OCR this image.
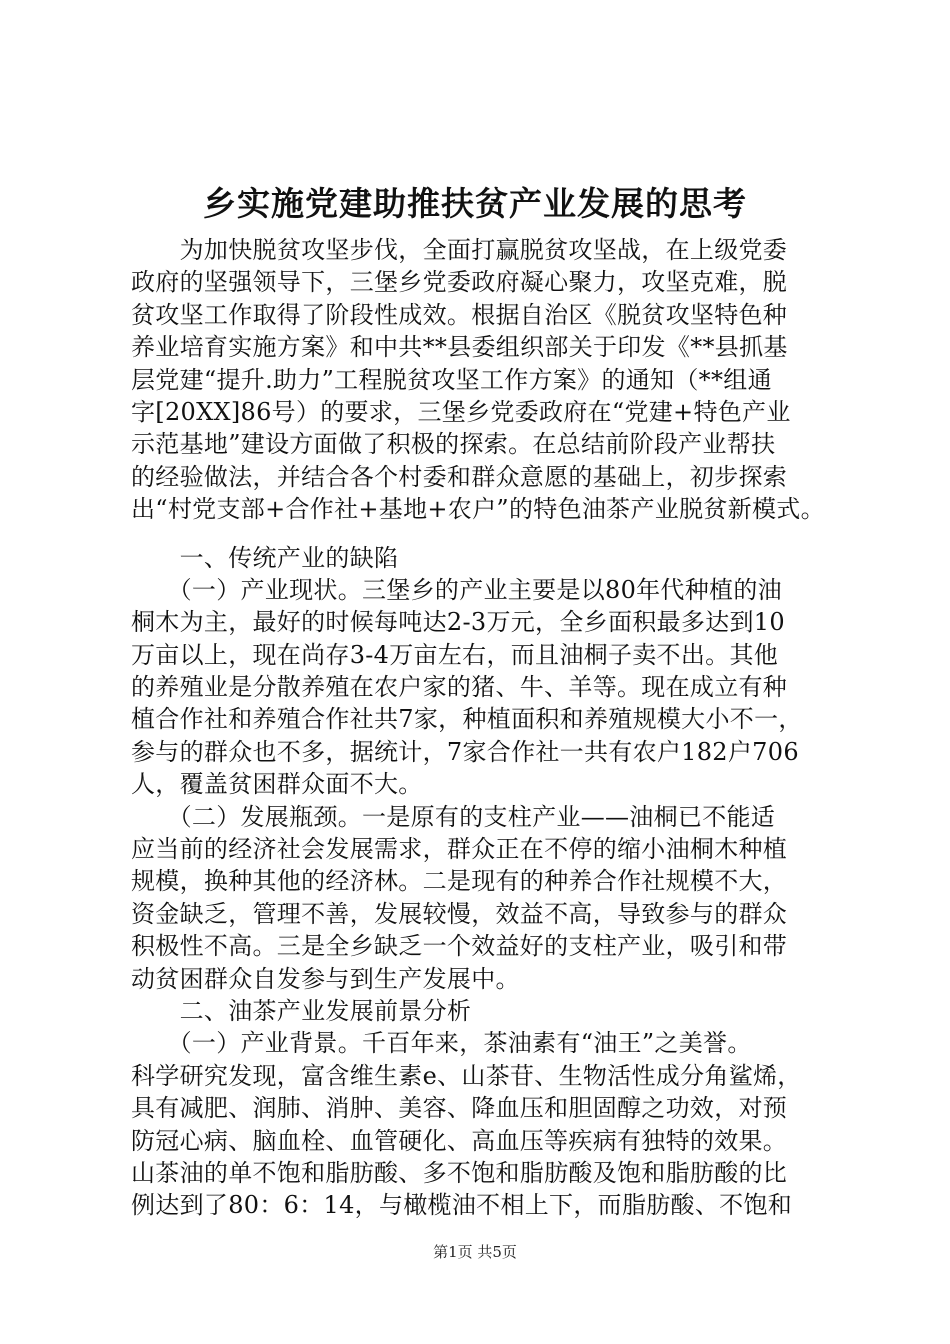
乡实施党建助推扶贫产业发展的思考
　　为加快脱贫攻坚步伐，全面打赢脱贫攻坚战，在上级党委
政府的坚强领导下，三堡乡党委政府凝心聚力，攻坚克难，脱
贫攻坚工作取得了阶段性成效。根据自治区《脱贫攻坚特色种
养业培育实施方案》和中共**县委组织部关于印发《**县抓基
层党建“提升.助力”工程脱贫攻坚工作方案》的通知（**组通
字[20XX]86号）的要求，三堡乡党委政府在“党建+特色产业
示范基地”建设方面做了积极的探索。在总结前阶段产业帮扶
的经验做法，并结合各个村委和群众意愿的基础上，初步探索
出“村党支部+合作社+基地+农户”的特色油茶产业脱贫新模式。
　　一、传统产业的缺陷
　　（一）产业现状。三堡乡的产业主要是以80年代种植的油
桐木为主，最好的时候每吨达2-3万元，全乡面积最多达到10
万亩以上，现在尚存3-4万亩左右，而且油桐子卖不出。其他
的养殖业是分散养殖在农户家的猪、牛、羊等。现在成立有种
植合作社和养殖合作社共7家，种植面积和养殖规模大小不一，
参与的群众也不多，据统计，7家合作社一共有农户182户706
人，覆盖贫困群众面不大。
　　（二）发展瓶颈。一是原有的支柱产业——油桐已不能适
应当前的经济社会发展需求，群众正在不停的缩小油桐木种植
规模，换种其他的经济林。二是现有的种养合作社规模不大，
资金缺乏，管理不善，发展较慢，效益不高，导致参与的群众
积极性不高。三是全乡缺乏一个效益好的支柱产业，吸引和带
动贫困群众自发参与到生产发展中。
　　二、油茶产业发展前景分析
　　（一）产业背景。千百年来，茶油素有“油王”之美誉。
科学研究发现，富含维生素e、山茶苷、生物活性成分角鲨烯，
具有减肥、润肺、消肿、美容、降血压和胆固醇之功效，对预
防冠心病、脑血栓、血管硬化、高血压等疾病有独特的效果。
山茶油的单不饱和脂肪酸、多不饱和脂肪酸及饱和脂肪酸的比
例达到了80：6：14，与橄榄油不相上下，而脂肪酸、不饱和
第1页 共5页
